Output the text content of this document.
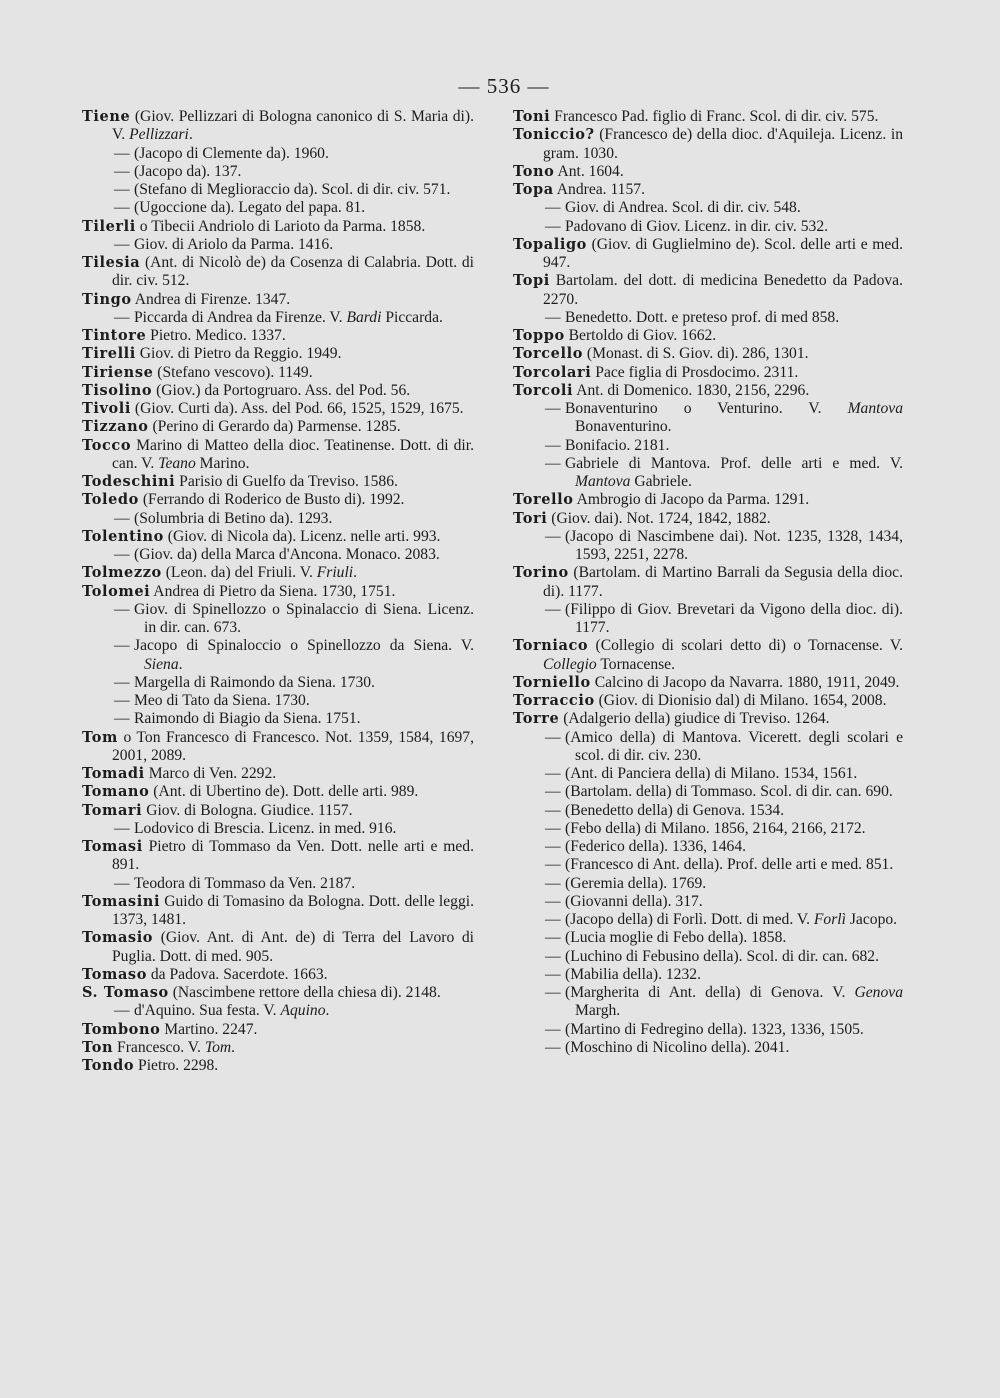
— 536 —
Tiene (Giov. Pellizzari di Bologna canonico di S. Maria di). V. Pellizzari.
— (Jacopo di Clemente da). 1960.
— (Jacopo da). 137.
— (Stefano di Meglioraccio da). Scol. di dir. civ. 571.
— (Ugoccione da). Legato del papa. 81.
Tilerli o Tibecii Andriolo di Larioto da Parma. 1858.
— Giov. di Ariolo da Parma. 1416.
Tilesia (Ant. di Nicolò de) da Cosenza di Calabria. Dott. di dir. civ. 512.
Tingo Andrea di Firenze. 1347.
— Piccarda di Andrea da Firenze. V. Bardi Piccarda.
Tintore Pietro. Medico. 1337.
Tirelli Giov. di Pietro da Reggio. 1949.
Tiriense (Stefano vescovo). 1149.
Tisolino (Giov.) da Portogruaro. Ass. del Pod. 56.
Tivoli (Giov. Curti da). Ass. del Pod. 66, 1525, 1529, 1675.
Tizzano (Perino di Gerardo da) Parmense. 1285.
Tocco Marino di Matteo della dioc. Teatinense. Dott. di dir. can. V. Teano Marino.
Todeschini Parisio di Guelfo da Treviso. 1586.
Toledo (Ferrando di Roderico de Busto di). 1992.
— (Solumbria di Betino da). 1293.
Tolentino (Giov. di Nicola da). Licenz. nelle arti. 993.
— (Giov. da) della Marca d'Ancona. Monaco. 2083.
Tolmezzo (Leon. da) del Friuli. V. Friuli.
Tolomei Andrea di Pietro da Siena. 1730, 1751.
— Giov. di Spinellozzo o Spinalaccio di Siena. Licenz. in dir. can. 673.
— Jacopo di Spinaloccio o Spinellozzo da Siena. V. Siena.
— Margella di Raimondo da Siena. 1730.
— Meo di Tato da Siena. 1730.
— Raimondo di Biagio da Siena. 1751.
Tom o Ton Francesco di Francesco. Not. 1359, 1584, 1697, 2001, 2089.
Tomadi Marco di Ven. 2292.
Tomano (Ant. di Ubertino de). Dott. delle arti. 989.
Tomari Giov. di Bologna. Giudice. 1157.
— Lodovico di Brescia. Licenz. in med. 916.
Tomasi Pietro di Tommaso da Ven. Dott. nelle arti e med. 891.
— Teodora di Tommaso da Ven. 2187.
Tomasini Guido di Tomasino da Bologna. Dott. delle leggi. 1373, 1481.
Tomasio (Giov. Ant. di Ant. de) di Terra del Lavoro di Puglia. Dott. di med. 905.
Tomaso da Padova. Sacerdote. 1663.
S. Tomaso (Nascimbene rettore della chiesa di). 2148.
— d'Aquino. Sua festa. V. Aquino.
Tombono Martino. 2247.
Ton Francesco. V. Tom.
Tondo Pietro. 2298.
Toni Francesco Pad. figlio di Franc. Scol. di dir. civ. 575.
Toniccio? (Francesco de) della dioc. d'Aquileja. Licenz. in gram. 1030.
Tono Ant. 1604.
Topa Andrea. 1157.
— Giov. di Andrea. Scol. di dir. civ. 548.
— Padovano di Giov. Licenz. in dir. civ. 532.
Topaligo (Giov. di Guglielmino de). Scol. delle arti e med. 947.
Topi Bartolam. del dott. di medicina Benedetto da Padova. 2270.
— Benedetto. Dott. e preteso prof. di med 858.
Toppo Bertoldo di Giov. 1662.
Torcello (Monast. di S. Giov. di). 286, 1301.
Torcolari Pace figlia di Prosdocimo. 2311.
Torcoli Ant. di Domenico. 1830, 2156, 2296.
— Bonaventurino o Venturino. V. Mantova Bonaventurino.
— Bonifacio. 2181.
— Gabriele di Mantova. Prof. delle arti e med. V. Mantova Gabriele.
Torello Ambrogio di Jacopo da Parma. 1291.
Tori (Giov. dai). Not. 1724, 1842, 1882.
— (Jacopo di Nascimbene dai). Not. 1235, 1328, 1434, 1593, 2251, 2278.
Torino (Bartolam. di Martino Barrali da Segusia della dioc. di). 1177.
— (Filippo di Giov. Brevetari da Vigono della dioc. di). 1177.
Torniaco (Collegio di scolari detto di) o Tornacense. V. Collegio Tornacense.
Torniello Calcino di Jacopo da Navarra. 1880, 1911, 2049.
Torraccio (Giov. di Dionisio dal) di Milano. 1654, 2008.
Torre (Adalgerio della) giudice di Treviso. 1264.
— (Amico della) di Mantova. Vicerett. degli scolari e scol. di dir. civ. 230.
— (Ant. di Panciera della) di Milano. 1534, 1561.
— (Bartolam. della) di Tommaso. Scol. di dir. can. 690.
— (Benedetto della) di Genova. 1534.
— (Febo della) di Milano. 1856, 2164, 2166, 2172.
— (Federico della). 1336, 1464.
— (Francesco di Ant. della). Prof. delle arti e med. 851.
— (Geremia della). 1769.
— (Giovanni della). 317.
— (Jacopo della) di Forlì. Dott. di med. V. Forlì Jacopo.
— (Lucia moglie di Febo della). 1858.
— (Luchino di Febusino della). Scol. di dir. can. 682.
— (Mabilia della). 1232.
— (Margherita di Ant. della) di Genova. V. Genova Margh.
— (Martino di Fedregino della). 1323, 1336, 1505.
— (Moschino di Nicolino della). 2041.
